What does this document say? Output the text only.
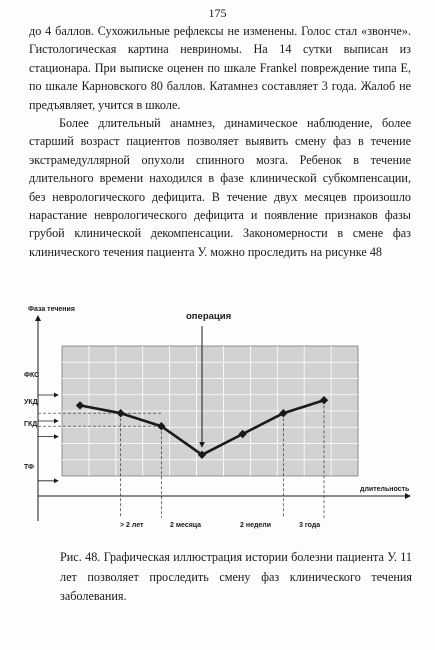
175

до 4 баллов. Сухожильные рефлексы не изменены. Голос стал «звонче». Гистологическая картина невриномы. На 14 сутки выписан из стационара. При выписке оценен по шкале Frankel повреждение типа E, по шкале Карновского 80 баллов. Катамнез составляет 3 года. Жалоб не предъявляет, учится в школе.

Более длительный анамнез, динамическое наблюдение, более старший возраст пациентов позволяет выявить смену фаз в течение экстрамедуллярной опухоли спинного мозга. Ребенок в течение длительного времени находился в фазе клинической субкомпенсации, без неврологического дефицита. В течение двух месяцев произошло нарастание неврологического дефицита и появление признаков фазы грубой клинической декомпенсации. Закономерности в смене фаз клинического течения пациента У. можно проследить на рисунке 48

Фаза течения
длительность
операция
ФКС
УКД
ГКД
ТФ
> 2 лет	2 месяца	2 недели	3 года

Рис. 48. Графическая иллюстрация истории болезни пациента У. 11 лет позволяет проследить смену фаз клинического течения заболевания.
